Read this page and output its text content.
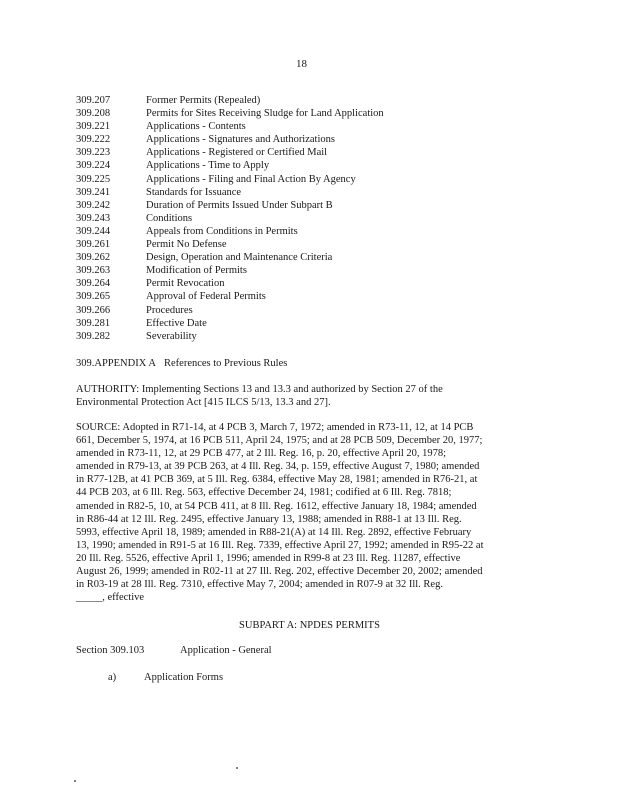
18
309.207	Former Permits (Repealed)
309.208	Permits for Sites Receiving Sludge for Land Application
309.221	Applications - Contents
309.222	Applications - Signatures and Authorizations
309.223	Applications - Registered or Certified Mail
309.224	Applications - Time to Apply
309.225	Applications - Filing and Final Action By Agency
309.241	Standards for Issuance
309.242	Duration of Permits Issued Under Subpart B
309.243	Conditions
309.244	Appeals from Conditions in Permits
309.261	Permit No Defense
309.262	Design, Operation and Maintenance Criteria
309.263	Modification of Permits
309.264	Permit Revocation
309.265	Approval of Federal Permits
309.266	Procedures
309.281	Effective Date
309.282	Severability
309.APPENDIX A References to Previous Rules
AUTHORITY: Implementing Sections 13 and 13.3 and authorized by Section 27 of the
Environmental Protection Act [415 ILCS 5/13, 13.3 and 27].
SOURCE: Adopted in R71-14, at 4 PCB 3, March 7, 1972; amended in R73-11, 12, at 14 PCB
661, December 5, 1974, at 16 PCB 511, April 24, 1975; and at 28 PCB 509, December 20, 1977;
amended in R73-11, 12, at 29 PCB 477, at 2 Ill. Reg. 16, p. 20, effective April 20, 1978;
amended in R79-13, at 39 PCB 263, at 4 Ill. Reg. 34, p. 159, effective August 7, 1980; amended
in R77-12B, at 41 PCB 369, at 5 Ill. Reg. 6384, effective May 28, 1981; amended in R76-21, at
44 PCB 203, at 6 Ill. Reg. 563, effective December 24, 1981; codified at 6 Ill. Reg. 7818;
amended in R82-5, 10, at 54 PCB 411, at 8 Ill. Reg. 1612, effective January 18, 1984; amended
in R86-44 at 12 Ill. Reg. 2495, effective January 13, 1988; amended in R88-1 at 13 Ill. Reg.
5993, effective April 18, 1989; amended in R88-21(A) at 14 Ill. Reg. 2892, effective February
13, 1990; amended in R91-5 at 16 Ill. Reg. 7339, effective April 27, 1992; amended in R95-22 at
20 Ill. Reg. 5526, effective April 1, 1996; amended in R99-8 at 23 Ill. Reg. 11287, effective
August 26, 1999; amended in R02-11 at 27 Ill. Reg. 202, effective December 20, 2002; amended
in R03-19 at 28 Ill. Reg. 7310, effective May 7, 2004; amended in R07-9 at 32 Ill. Reg.
_____, effective
SUBPART A: NPDES PERMITS
Section 309.103	Application - General
a)	Application Forms
